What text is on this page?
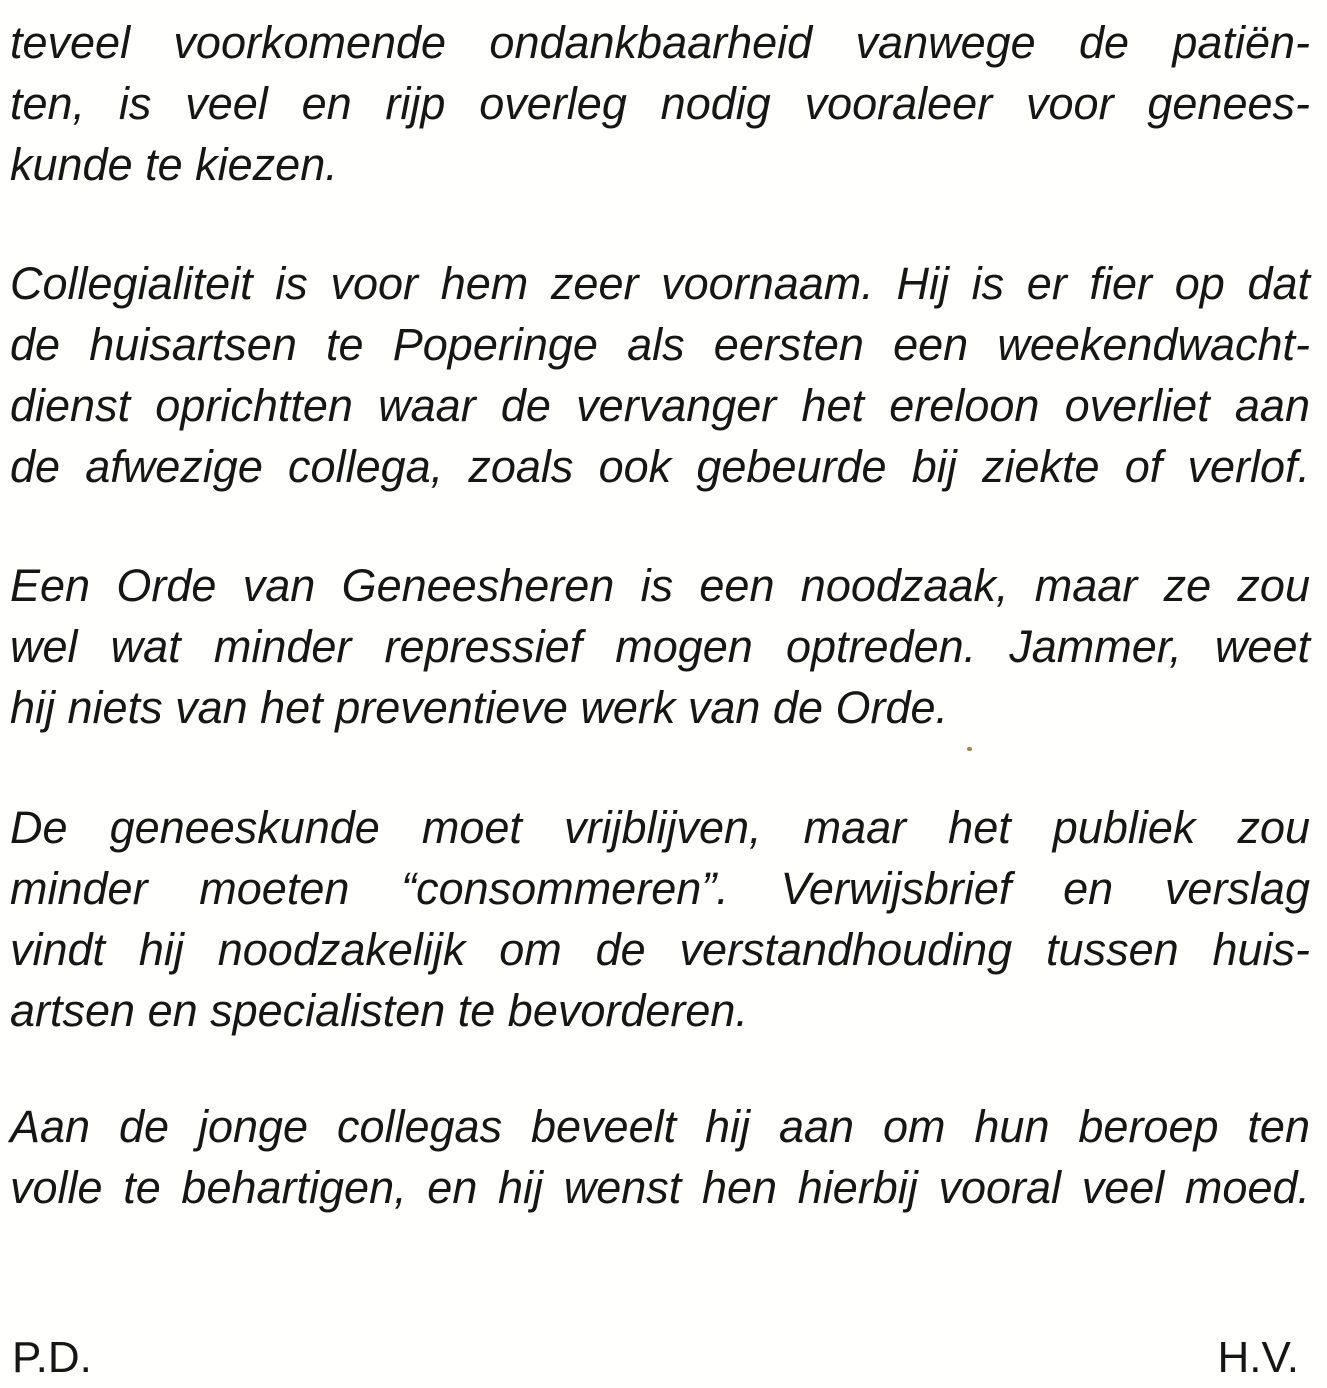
teveel voorkomende ondankbaarheid vanwege de patiën-
ten, is veel en rijp overleg nodig vooraleer voor genees-
kunde te kiezen.
Collegialiteit is voor hem zeer voornaam. Hij is er fier op dat
de huisartsen te Poperinge als eersten een weekendwacht-
dienst oprichtten waar de vervanger het ereloon overliet aan
de afwezige collega, zoals ook gebeurde bij ziekte of verlof.
Een Orde van Geneesheren is een noodzaak, maar ze zou
wel wat minder repressief mogen optreden. Jammer, weet
hij niets van het preventieve werk van de Orde.
De geneeskunde moet vrijblijven, maar het publiek zou
minder moeten “consommeren”. Verwijsbrief en verslag
vindt hij noodzakelijk om de verstandhouding tussen huis-
artsen en specialisten te bevorderen.
Aan de jonge collegas beveelt hij aan om hun beroep ten
volle te behartigen, en hij wenst hen hierbij vooral veel moed.
P.D.	H.V.
